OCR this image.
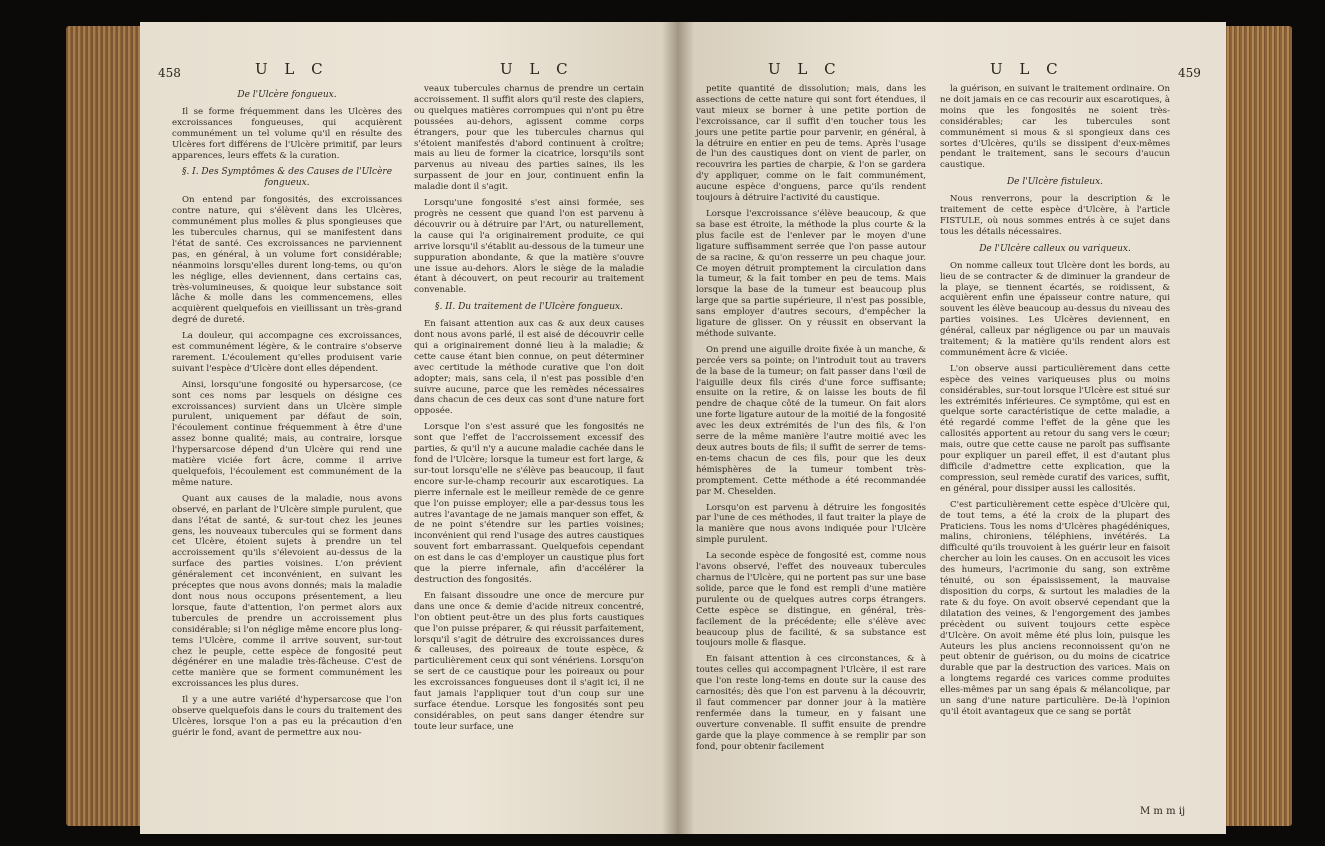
458	U L C	U L C

De l'Ulcère fongueux.

Il se forme fréquemment dans les Ulcères des excroissances fongueuses, qui acquièrent communément un tel volume qu'il en résulte des Ulcères fort différens de l'Ulcère primitif, par leurs apparences, leurs effets & la curation.

§. I. Des Symptômes & des Causes de l'Ulcère fongueux.

On entend par fongosités, des excroissances contre nature, qui s'élèvent dans les Ulcères, communément plus molles & plus spongieuses que les tubercules charnus, qui se manifestent dans l'état de santé. Ces excroissances ne parviennent pas, en général, à un volume fort considérable; néanmoins lorsqu'elles durent long-tems, ou qu'on les néglige, elles deviennent, dans certains cas, très-volumineuses, & quoique leur substance soit lâche & molle dans les commencemens, elles acquièrent quelquefois en vieillissant un très-grand degré de dureté.

La douleur, qui accompagne ces excroissances, est communément légère, & le contraire s'observe rarement. L'écoulement qu'elles produisent varie suivant l'espèce d'Ulcère dont elles dépendent.

Ainsi, lorsqu'une fongosité ou hypersarcose, (ce sont ces noms par lesquels on désigne ces excroissances) survient dans un Ulcère simple purulent, uniquement par défaut de soin, l'écoulement continue fréquemment à être d'une assez bonne qualité; mais, au contraire, lorsque l'hypersarcose dépend d'un Ulcère qui rend une matière viciée fort âcre, comme il arrive quelquefois, l'écoulement est communément de la même nature.

Quant aux causes de la maladie, nous avons observé, en parlant de l'Ulcère simple purulent, que dans l'état de santé, & sur-tout chez les jeunes gens, les nouveaux tubercules qui se forment dans cet Ulcère, étoient sujets à prendre un tel accroissement qu'ils s'élevoient au-dessus de la surface des parties voisines. L'on prévient généralement cet inconvénient, en suivant les préceptes que nous avons donnés; mais la maladie dont nous nous occupons présentement, a lieu lorsque, faute d'attention, l'on permet alors aux tubercules de prendre un accroissement plus considérable; si l'on néglige même encore plus long-tems l'Ulcère, comme il arrive souvent, sur-tout chez le peuple, cette espèce de fongosité peut dégénérer en une maladie très-fâcheuse. C'est de cette manière que se forment communément les excroissances les plus dures.

Il y a une autre variété d'hypersarcose que l'on observe quelquefois dans le cours du traitement des Ulcères, lorsque l'on a pas eu la précaution d'en guérir le fond, avant de permettre aux nou-

veaux tubercules charnus de prendre un certain accroissement. Il suffit alors qu'il reste des clapiers, ou quelques matières corrompues qui n'ont pu être poussées au-dehors, agissent comme corps étrangers, pour que les tubercules charnus qui s'étoient manifestés d'abord continuent à croître; mais au lieu de former la cicatrice, lorsqu'ils sont parvenus au niveau des parties saines, ils les surpassent de jour en jour, continuent enfin la maladie dont il s'agit.

Lorsqu'une fongosité s'est ainsi formée, ses progrès ne cessent que quand l'on est parvenu à découvrir ou à détruire par l'Art, ou naturellement, la cause qui l'a originairement produite, ce qui arrive lorsqu'il s'établit au-dessous de la tumeur une suppuration abondante, & que la matière s'ouvre une issue au-dehors. Alors le siège de la maladie étant à découvert, on peut recourir au traitement convenable.

§. II. Du traitement de l'Ulcère fongueux.

En faisant attention aux cas & aux deux causes dont nous avons parlé, il est aisé de découvrir celle qui a originairement donné lieu à la maladie; & cette cause étant bien connue, on peut déterminer avec certitude la méthode curative que l'on doit adopter; mais, sans cela, il n'est pas possible d'en suivre aucune, parce que les remèdes nécessaires dans chacun de ces deux cas sont d'une nature fort opposée.

Lorsque l'on s'est assuré que les fongosités ne sont que l'effet de l'accroissement excessif des parties, & qu'il n'y a aucune maladie cachée dans le fond de l'Ulcère; lorsque la tumeur est fort large, & sur-tout lorsqu'elle ne s'élève pas beaucoup, il faut encore sur-le-champ recourir aux escarotiques. La pierre infernale est le meilleur remède de ce genre que l'on puisse employer; elle a par-dessus tous les autres l'avantage de ne jamais manquer son effet, & de ne point s'étendre sur les parties voisines; inconvénient qui rend l'usage des autres caustiques souvent fort embarrassant. Quelquefois cependant on est dans le cas d'employer un caustique plus fort que la pierre infernale, afin d'accélérer la destruction des fongosités.

En faisant dissoudre une once de mercure pur dans une once & demie d'acide nitreux concentré, l'on obtient peut-être un des plus forts caustiques que l'on puisse préparer, & qui réussit parfaitement, lorsqu'il s'agit de détruire des excroissances dures & calleuses, des poireaux de toute espèce, & particulièrement ceux qui sont vénériens. Lorsqu'on se sert de ce caustique pour les poireaux ou pour les excroissances fongueuses dont il s'agit ici, il ne faut jamais l'appliquer tout d'un coup sur une surface étendue. Lorsque les fongosités sont peu considérables, on peut sans danger étendre sur toute leur surface, une

U L C	U L C	459

petite quantité de dissolution; mais, dans les assections de cette nature qui sont fort étendues, il vaut mieux se borner à une petite portion de l'excroissance, car il suffit d'en toucher tous les jours une petite partie pour parvenir, en général, à la détruire en entier en peu de tems. Après l'usage de l'un des caustiques dont on vient de parler, on recouvrira les parties de charpie, & l'on se gardera d'y appliquer, comme on le fait communément, aucune espèce d'onguens, parce qu'ils rendent toujours à détruire l'activité du caustique.

Lorsque l'excroissance s'élève beaucoup, & que sa base est étroite, la méthode la plus courte & la plus facile est de l'enlever par le moyen d'une ligature suffisamment serrée que l'on passe autour de sa racine, & qu'on resserre un peu chaque jour. Ce moyen détruit promptement la circulation dans la tumeur, & la fait tomber en peu de tems. Mais lorsque la base de la tumeur est beaucoup plus large que sa partie supérieure, il n'est pas possible, sans employer d'autres secours, d'empêcher la ligature de glisser. On y réussit en observant la méthode suivante.

On prend une aiguille droite fixée à un manche, & percée vers sa pointe; on l'introduit tout au travers de la base de la tumeur; on fait passer dans l'œil de l'aiguille deux fils cirés d'une force suffisante; ensuite on la retire, & on laisse les bouts de fil pendre de chaque côté de la tumeur. On fait alors une forte ligature autour de la moitié de la fongosité avec les deux extrémités de l'un des fils, & l'on serre de la même manière l'autre moitié avec les deux autres bouts de fils; il suffit de serrer de tems-en-tems chacun de ces fils, pour que les deux hémisphères de la tumeur tombent très-promptement. Cette méthode a été recommandée par M. Cheselden.

Lorsqu'on est parvenu à détruire les fongosités par l'une de ces méthodes, il faut traiter la playe de la manière que nous avons indiquée pour l'Ulcère simple purulent.

La seconde espèce de fongosité est, comme nous l'avons observé, l'effet des nouveaux tubercules charnus de l'Ulcère, qui ne portent pas sur une base solide, parce que le fond est rempli d'une matière purulente ou de quelques autres corps étrangers. Cette espèce se distingue, en général, très-facilement de la précédente; elle s'élève avec beaucoup plus de facilité, & sa substance est toujours molle & flasque.

En faisant attention à ces circonstances, & à toutes celles qui accompagnent l'Ulcère, il est rare que l'on reste long-tems en doute sur la cause des carnosités; dès que l'on est parvenu à la découvrir, il faut commencer par donner jour à la matière renfermée dans la tumeur, en y faisant une ouverture convenable. Il suffit ensuite de prendre garde que la playe commence à se remplir par son fond, pour obtenir facilement

la guérison, en suivant le traitement ordinaire. On ne doit jamais en ce cas recourir aux escarotiques, à moins que les fongosités ne soient très-considérables; car les tubercules sont communément si mous & si spongieux dans ces sortes d'Ulcères, qu'ils se dissipent d'eux-mêmes pendant le traitement, sans le secours d'aucun caustique.

De l'Ulcère fistuleux.

Nous renverrons, pour la description & le traitement de cette espèce d'Ulcère, à l'article FISTULE, où nous sommes entrés à ce sujet dans tous les détails nécessaires.

De l'Ulcère calleux ou variqueux.

On nomme calleux tout Ulcère dont les bords, au lieu de se contracter & de diminuer la grandeur de la playe, se tiennent écartés, se roidissent, & acquièrent enfin une épaisseur contre nature, qui souvent les élève beaucoup au-dessus du niveau des parties voisines. Les Ulcères deviennent, en général, calleux par négligence ou par un mauvais traitement; & la matière qu'ils rendent alors est communément âcre & viciée.

L'on observe aussi particulièrement dans cette espèce des veines variqueuses plus ou moins considérables, sur-tout lorsque l'Ulcère est situé sur les extrémités inférieures. Ce symptôme, qui est en quelque sorte caractéristique de cette maladie, a été regardé comme l'effet de la gêne que les callosités apportent au retour du sang vers le cœur; mais, outre que cette cause ne paroît pas suffisante pour expliquer un pareil effet, il est d'autant plus difficile d'admettre cette explication, que la compression, seul remède curatif des varices, suffit, en général, pour dissiper aussi les callosités.

C'est particulièrement cette espèce d'Ulcère qui, de tout tems, a été la croix de la plupart des Praticiens. Tous les noms d'Ulcères phagédéniques, malins, chironiens, téléphiens, invétérés. La difficulté qu'ils trouvoient à les guérir leur en faisoit chercher au loin les causes. On en accusoit les vices des humeurs, l'acrimonie du sang, son extrême ténuité, ou son épaississement, la mauvaise disposition du corps, & surtout les maladies de la rate & du foye. On avoit observé cependant que la dilatation des veines, & l'engorgement des jambes précèdent ou suivent toujours cette espèce d'Ulcère. On avoit même été plus loin, puisque les Auteurs les plus anciens reconnoissent qu'on ne peut obtenir de guérison, ou du moins de cicatrice durable que par la destruction des varices. Mais on a longtems regardé ces varices comme produites elles-mêmes par un sang épais & mélancolique, par un sang d'une nature particulière. De-là l'opinion qu'il étoit avantageux que ce sang se portât

M m m ij
